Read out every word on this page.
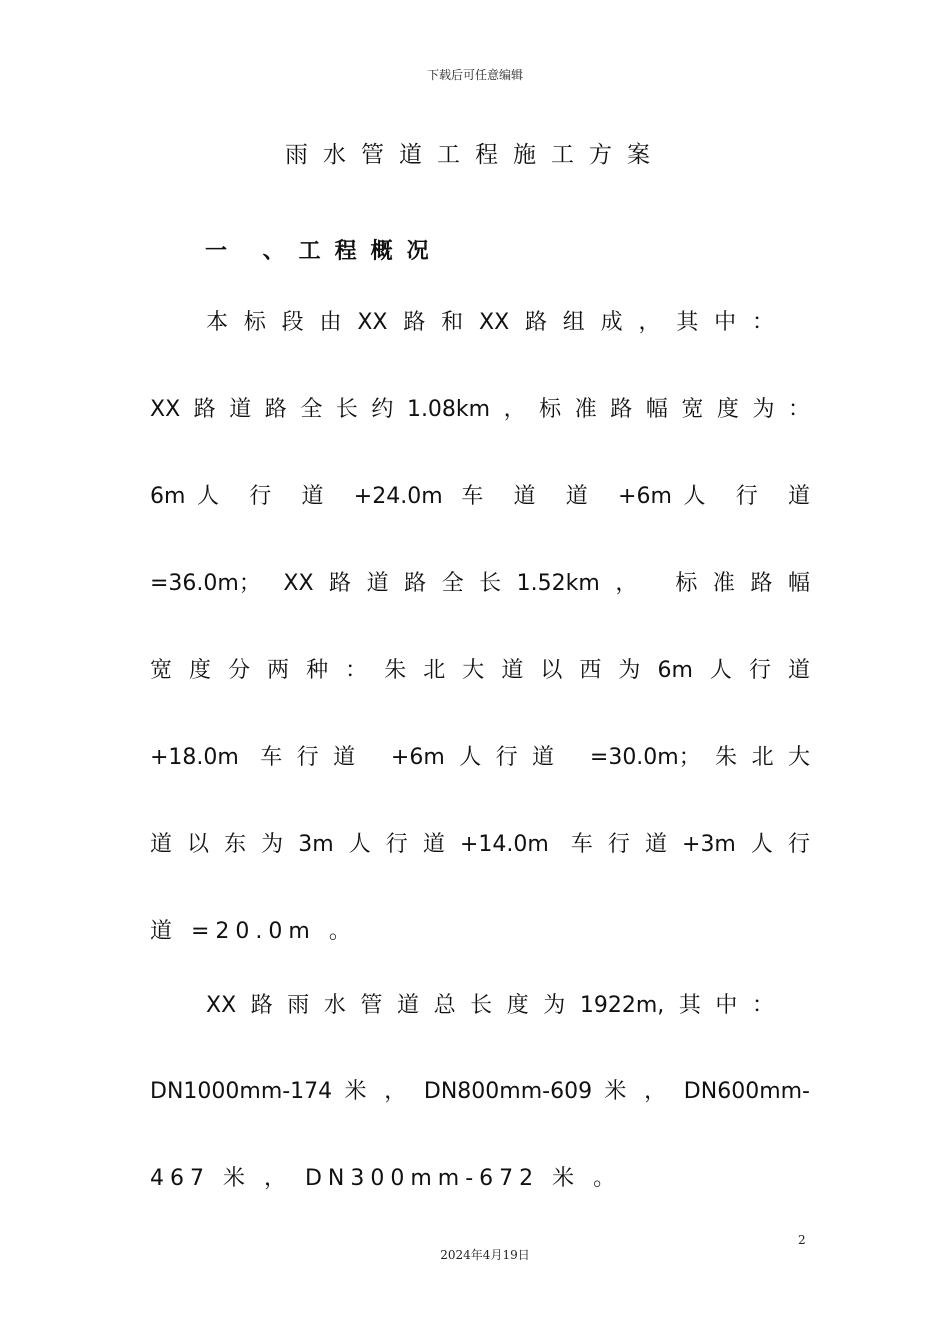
下载后可任意编辑
雨水管道工程施工方案
一 、工程概况
本标段由XX路和XX路组成，其中：
XX路道路全长约1.08km，标准路幅宽度为：
6m人 行 道 +24.0m 车 道 道 +6m人 行 道
=36.0m； XX路道路全长1.52km， 标准路幅
宽度分两种：朱北大道以西为6m人行道
+18.0m 车行道 +6m人行道 =30.0m；朱北大
道以东为3m人行道+14.0m 车行道+3m人行
道 =20.0m 。
XX路雨水管道总长度为1922m,其中：
DN1000mm-174 米 ， DN800mm-609 米 ， DN600mm-
467 米 ， DN300mm-672 米 。
2
2024年4月19日
